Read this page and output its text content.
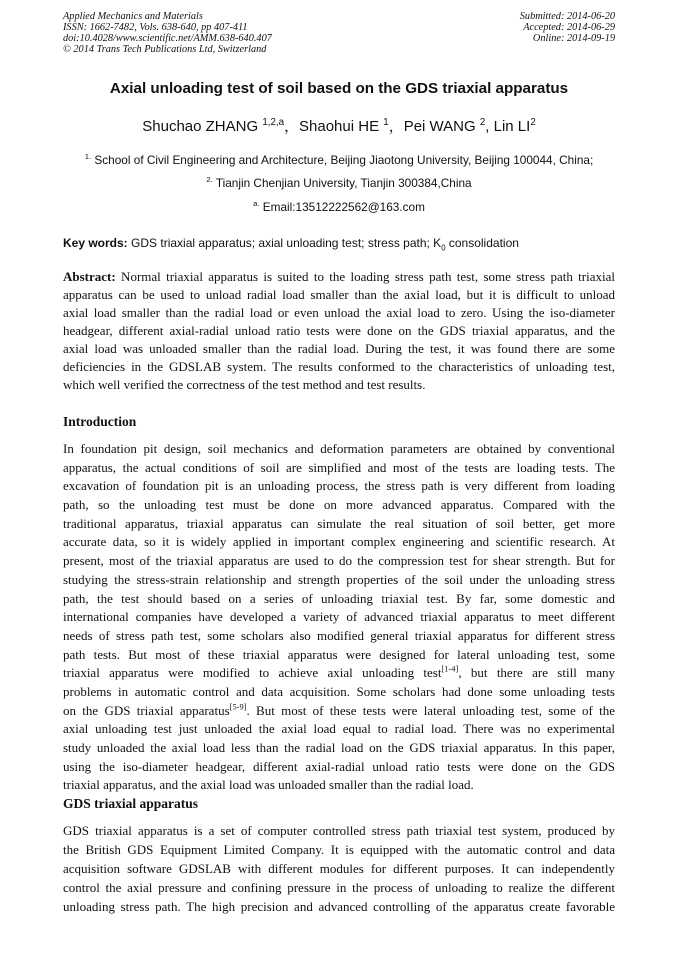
Applied Mechanics and Materials
ISSN: 1662-7482, Vols. 638-640, pp 407-411
doi:10.4028/www.scientific.net/AMM.638-640.407
© 2014 Trans Tech Publications Ltd, Switzerland
Submitted: 2014-06-20
Accepted: 2014-06-29
Online: 2014-09-19
Axial unloading test of soil based on the GDS triaxial apparatus
Shuchao ZHANG $^{1,2,a}$，Shaohui HE $^1$，Pei WANG $^2$, Lin $LI^2$
$^{1.}$ School of Civil Engineering and Architecture, Beijing Jiaotong University, Beijing 100044, China;
$^{2.}$ Tianjin Chenjian University, Tianjin 300384,China
$^{a.}$ Email:13512222562@163.com
Key words: GDS triaxial apparatus; axial unloading test; stress path; $K_0$ consolidation
Abstract: Normal triaxial apparatus is suited to the loading stress path test, some stress path triaxial
apparatus can be used to unload radial load smaller than the axial load, but it is difficult to unload
axial load smaller than the radial load or even unload the axial load to zero. Using the iso-diameter
headgear, different axial-radial unload ratio tests were done on the GDS triaxial apparatus, and the
axial load was unloaded smaller than the radial load. During the test, it was found there are some
deficiencies in the GDSLAB system. The results conformed to the characteristics of unloading test,
which well verified the correctness of the test method and test results.
Introduction
In foundation pit design, soil mechanics and deformation parameters are obtained by conventional
apparatus, the actual conditions of soil are simplified and most of the tests are loading tests. The
excavation of foundation pit is an unloading process, the stress path is very different from loading
path, so the unloading test must be done on more advanced apparatus. Compared with the
traditional apparatus, triaxial apparatus can simulate the real situation of soil better, get more
accurate data, so it is widely applied in important complex engineering and scientific research. At
present, most of the triaxial apparatus are used to do the compression test for shear strength. But for
studying the stress-strain relationship and strength properties of the soil under the unloading stress
path, the test should based on a series of unloading triaxial test. By far, some domestic and
international companies have developed a variety of advanced triaxial apparatus to meet different
needs of stress path test, some scholars also modified general triaxial apparatus for different stress
path tests. But most of these triaxial apparatus were designed for lateral unloading test, some
triaxial apparatus were modified to achieve axial unloading test[1-4], but there are still many
problems in automatic control and data acquisition. Some scholars had done some unloading tests
on the GDS triaxial apparatus[5-9]. But most of these tests were lateral unloading test, some of the
axial unloading test just unloaded the axial load equal to radial load. There was no experimental
study unloaded the axial load less than the radial load on the GDS triaxial apparatus. In this paper,
using the iso-diameter headgear, different axial-radial unload ratio tests were done on the GDS
triaxial apparatus, and the axial load was unloaded smaller than the radial load.
GDS triaxial apparatus
GDS triaxial apparatus is a set of computer controlled stress path triaxial test system, produced by
the British GDS Equipment Limited Company. It is equipped with the automatic control and data
acquisition software GDSLAB with different modules for different purposes. It can independently
control the axial pressure and confining pressure in the process of unloading to realize the different
unloading stress path. The high precision and advanced controlling of the apparatus create favorable
